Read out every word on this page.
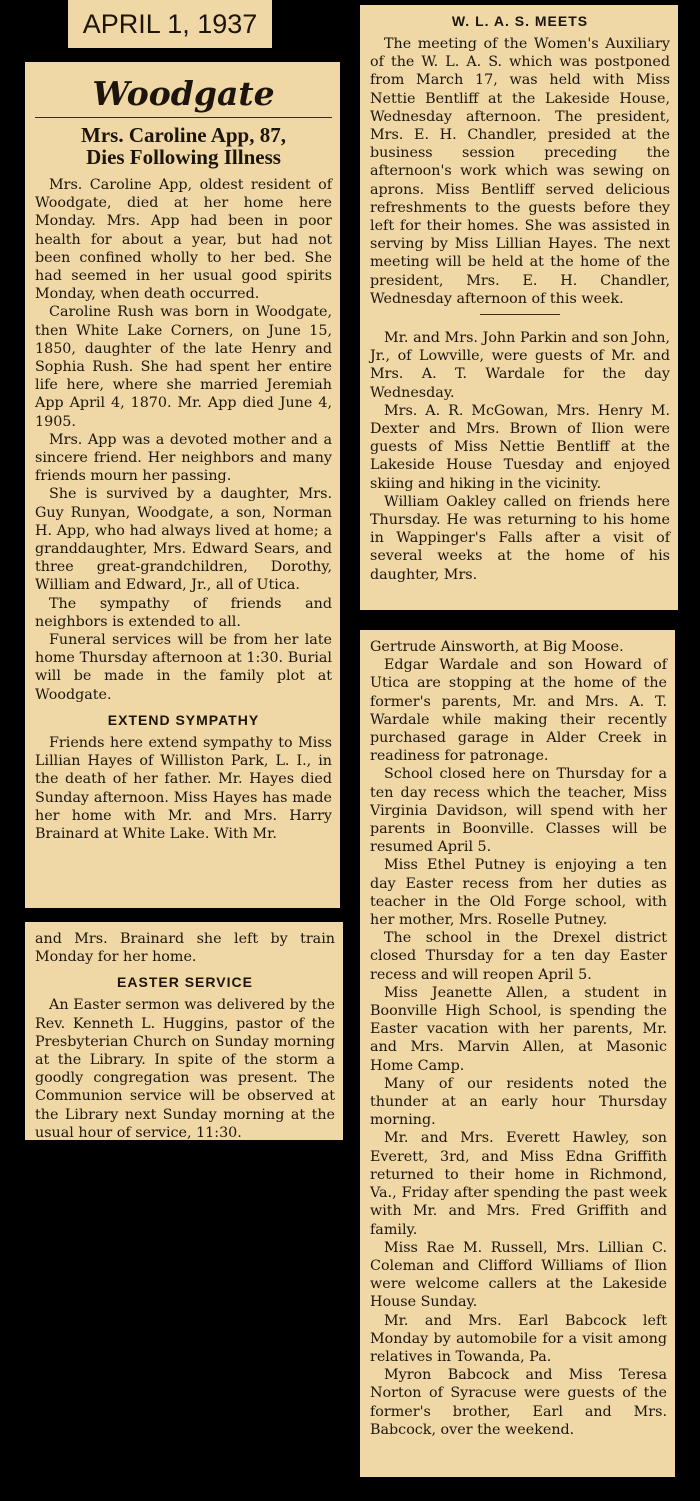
APRIL 1, 1937
Woodgate
Mrs. Caroline App, 87,
Dies Following Illness

Mrs. Caroline App, oldest resident of Woodgate, died at her home here Monday. Mrs. App had been in poor health for about a year, but had not been confined wholly to her bed. She had seemed in her usual good spirits Monday, when death occurred.

Caroline Rush was born in Woodgate, then White Lake Corners, on June 15, 1850, daughter of the late Henry and Sophia Rush. She had spent her entire life here, where she married Jeremiah App April 4, 1870. Mr. App died June 4, 1905.

Mrs. App was a devoted mother and a sincere friend. Her neighbors and many friends mourn her passing.

She is survived by a daughter, Mrs. Guy Runyan, Woodgate, a son, Norman H. App, who had always lived at home; a granddaughter, Mrs. Edward Sears, and three great-grandchildren, Dorothy, William and Edward, Jr., all of Utica.

The sympathy of friends and neighbors is extended to all.

Funeral services will be from her late home Thursday afternoon at 1:30. Burial will be made in the family plot at Woodgate.

EXTEND SYMPATHY

Friends here extend sympathy to Miss Lillian Hayes of Williston Park, L. I., in the death of her father. Mr. Hayes died Sunday afternoon. Miss Hayes has made her home with Mr. and Mrs. Harry Brainard at White Lake. With Mr.

and Mrs. Brainard she left by train Monday for her home.

EASTER SERVICE

An Easter sermon was delivered by the Rev. Kenneth L. Huggins, pastor of the Presbyterian Church on Sunday morning at the Library. In spite of the storm a goodly congregation was present. The Communion service will be observed at the Library next Sunday morning at the usual hour of service, 11:30.

W. L. A. S. MEETS

The meeting of the Women's Auxiliary of the W. L. A. S. which was postponed from March 17, was held with Miss Nettie Bentliff at the Lakeside House, Wednesday afternoon. The president, Mrs. E. H. Chandler, presided at the business session preceding the afternoon's work which was sewing on aprons. Miss Bentliff served delicious refreshments to the guests before they left for their homes. She was assisted in serving by Miss Lillian Hayes. The next meeting will be held at the home of the president, Mrs. E. H. Chandler, Wednesday afternoon of this week.

Mr. and Mrs. John Parkin and son John, Jr., of Lowville, were guests of Mr. and Mrs. A. T. Wardale for the day Wednesday.

Mrs. A. R. McGowan, Mrs. Henry M. Dexter and Mrs. Brown of Ilion were guests of Miss Nettie Bentliff at the Lakeside House Tuesday and enjoyed skiing and hiking in the vicinity.

William Oakley called on friends here Thursday. He was returning to his home in Wappinger's Falls after a visit of several weeks at the home of his daughter, Mrs.

Gertrude Ainsworth, at Big Moose.

Edgar Wardale and son Howard of Utica are stopping at the home of the former's parents, Mr. and Mrs. A. T. Wardale while making their recently purchased garage in Alder Creek in readiness for patronage.

School closed here on Thursday for a ten day recess which the teacher, Miss Virginia Davidson, will spend with her parents in Boonville. Classes will be resumed April 5.

Miss Ethel Putney is enjoying a ten day Easter recess from her duties as teacher in the Old Forge school, with her mother, Mrs. Roselle Putney.

The school in the Drexel district closed Thursday for a ten day Easter recess and will reopen April 5.

Miss Jeanette Allen, a student in Boonville High School, is spending the Easter vacation with her parents, Mr. and Mrs. Marvin Allen, at Masonic Home Camp.

Many of our residents noted the thunder at an early hour Thursday morning.

Mr. and Mrs. Everett Hawley, son Everett, 3rd, and Miss Edna Griffith returned to their home in Richmond, Va., Friday after spending the past week with Mr. and Mrs. Fred Griffith and family.

Miss Rae M. Russell, Mrs. Lillian C. Coleman and Clifford Williams of Ilion were welcome callers at the Lakeside House Sunday.

Mr. and Mrs. Earl Babcock left Monday by automobile for a visit among relatives in Towanda, Pa.

Myron Babcock and Miss Teresa Norton of Syracuse were guests of the former's brother, Earl and Mrs. Babcock, over the weekend.
